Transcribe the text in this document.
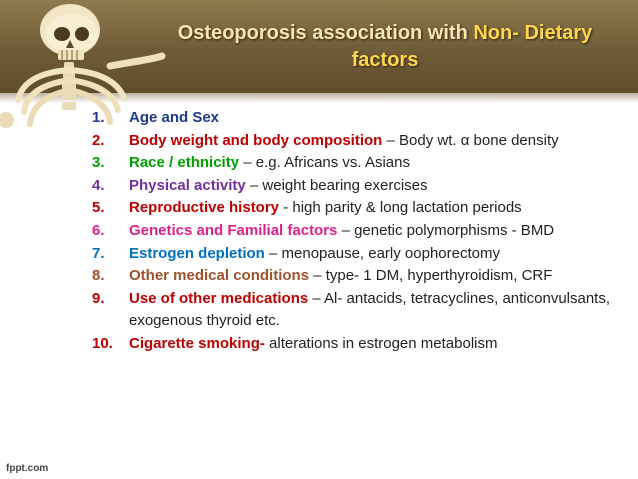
Osteoporosis association with Non- Dietary
factors
1.	Age and Sex
2.	Body weight and body composition – Body wt. α bone density
3.	Race / ethnicity – e.g. Africans vs. Asians
4.	Physical activity – weight bearing exercises
5.	Reproductive history - high parity & long lactation periods
6.	Genetics and Familial factors – genetic polymorphisms - BMD
7.	Estrogen depletion – menopause, early oophorectomy
8.	Other medical conditions – type- 1 DM, hyperthyroidism, CRF
9.	Use of other medications – Al- antacids, tetracyclines, anticonvulsants, exogenous thyroid etc.
10.	Cigarette smoking- alterations in estrogen metabolism
fppt.com
